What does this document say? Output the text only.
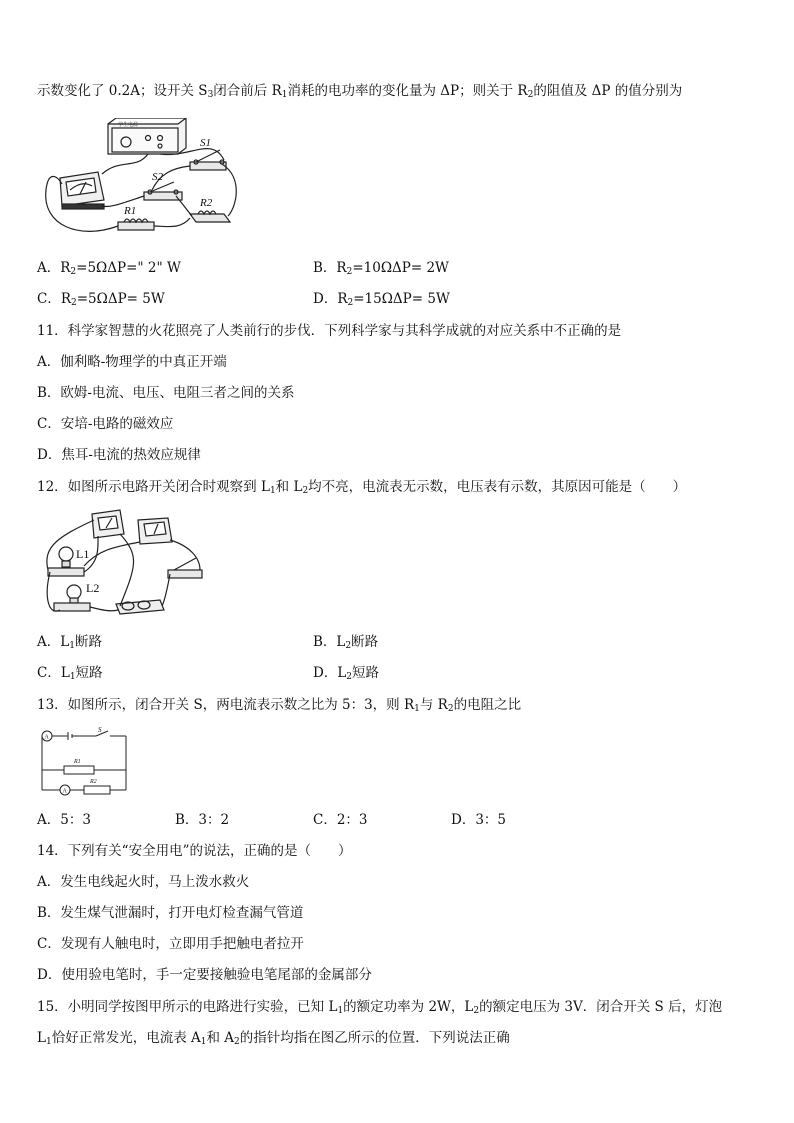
示数变化了 0.2A；设开关 $S_3$闭合前后 $R_1$消耗的电功率的变化量为 ΔP；则关于 $R_2$的阻值及 ΔP 的值分别为
S1
S2
R1
R2
学生电源
A．$R_2=5\Omega\Delta P=$" 2" W	B．$R_2=10\Omega\Delta P= 2W$
C．$R_2=5\Omega\Delta P= 5W$	D．$R_2=15\Omega\Delta P= 5W$
11．科学家智慧的火花照亮了人类前行的步伐．下列科学家与其科学成就的对应关系中不正确的是
A．伽利略-物理学的中真正开端
B．欧姆-电流、电压、电阻三者之间的关系
C．安培-电路的磁效应
D．焦耳-电流的热效应规律
12．如图所示电路开关闭合时观察到 $L_1$和 $L_2$均不亮，电流表无示数，电压表有示数，其原因可能是（　　）
L1
L2
A．$L_1$断路	B．$L_2$断路
C．$L_1$短路	D．$L_2$短路
13．如图所示，闭合开关 S，两电流表示数之比为 5：3，则 $R_1$与 $R_2$的电阻之比
A
A
S
R1
R2
A．5：3	B．3：2	C．2：3	D．3：5
14．下列有关“安全用电”的说法，正确的是（　　）
A．发生电线起火时，马上泼水救火
B．发生煤气泄漏时，打开电灯检查漏气管道
C．发现有人触电时，立即用手把触电者拉开
D．使用验电笔时，手一定要接触验电笔尾部的金属部分
15．小明同学按图甲所示的电路进行实验，已知 $L_1$的额定功率为 2W，$L_2$的额定电压为 3V．闭合开关 S 后，灯泡
$L_1$恰好正常发光，电流表 $A_1$和 $A_2$的指针均指在图乙所示的位置．下列说法正确
